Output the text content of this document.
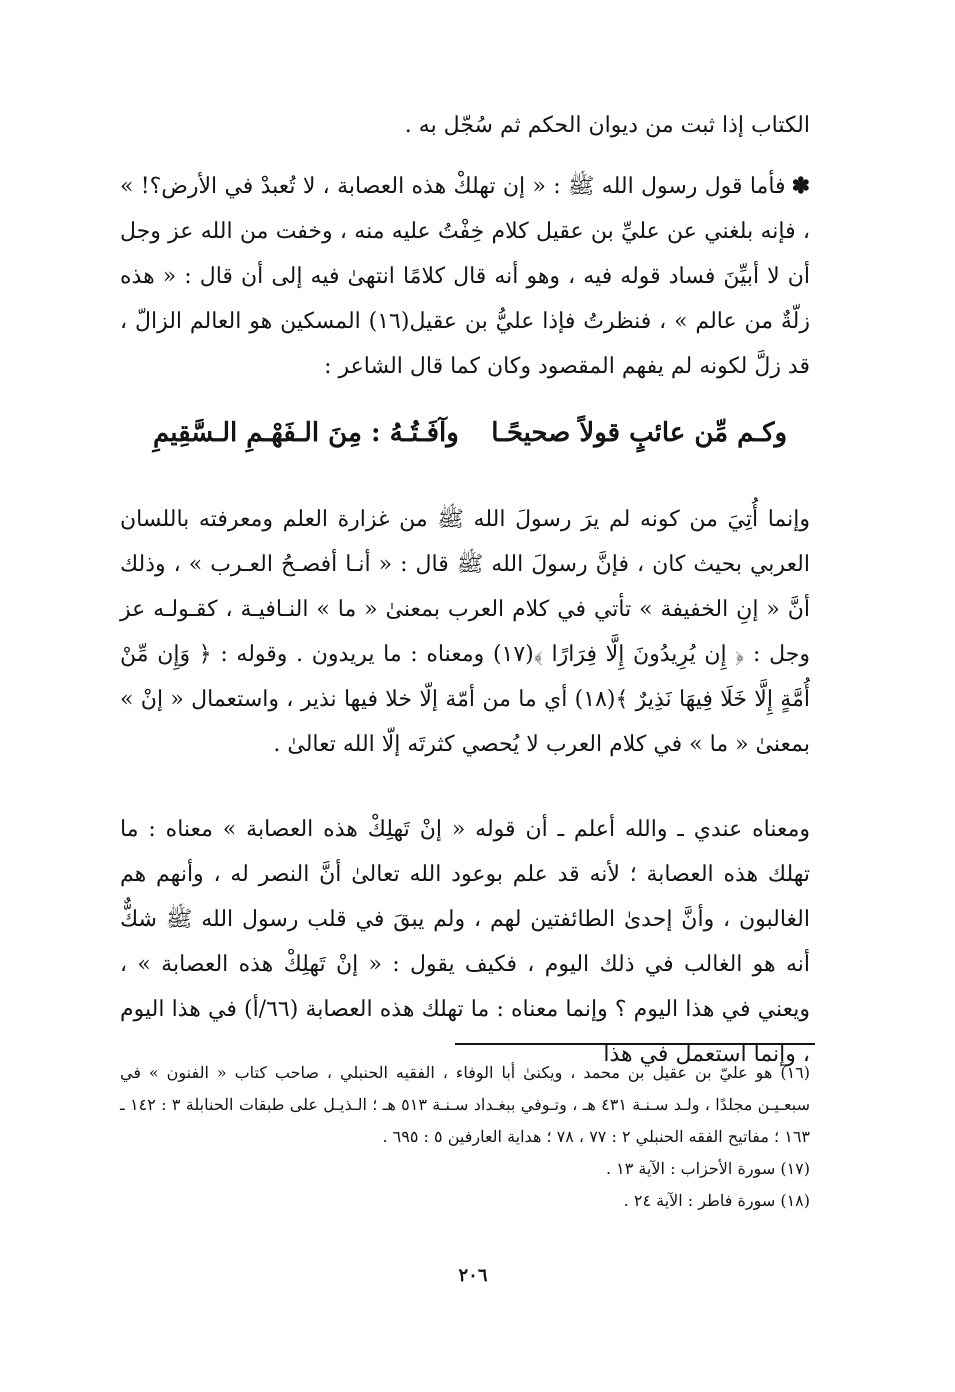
الكتاب إذا ثبت من ديوان الحكم ثم سُجّل به .

✽فأما قول رسول الله ﷺ : « إن تهلكْ هذه العصابة ، لا تُعبدْ في الأرض؟! » ، فإنه بلغني عن عليِّ بن عقيل كلام خِفْتُ عليه منه ، وخفت من الله عز وجل أن لا أبيِّنَ فساد قوله فيه ، وهو أنه قال كلامًا انتهىٰ فيه إلى أن قال : « هذه زلّةٌ من عالم » ، فنظرتُ فإذا عليُّ بن عقيل(١٦) المسكين هو العالم الزالّ ، قد زلَّ لكونه لم يفهم المقصود وكان كما قال الشاعر :

وكـم مِّن عائبٍ قولاً صحيحًـا
وآفَـتُـهُ : مِنَ الـفَهْـمِ الـسَّقِيمِ

وإنما أُتِيَ من كونه لم يرَ رسولَ الله ﷺ من غزارة العلم ومعرفته باللسان العربي بحيث كان ، فإنَّ رسولَ الله ﷺ قال : « أنـا أفصـحُ العـرب » ، وذلك أنَّ « إنِ الخفيفة » تأتي في كلام العرب بمعنىٰ « ما » النـافيـة ، كقـولـه عز وجل : ﴿ إِن يُرِيدُونَ إِلَّا فِرَارًا ﴾(١٧) ومعناه : ما يريدون . وقوله : ﴿ وَإِن مِّنْ أُمَّةٍ إِلَّا خَلَا فِيهَا نَذِيرٌ ﴾(١٨) أي ما من أمّة إلّا خلا فيها نذير ، واستعمال « إنْ » بمعنىٰ « ما » في كلام العرب لا يُحصي كثرتَه إلّا الله تعالىٰ .

ومعناه عندي ـ والله أعلم ـ أن قوله « إنْ تَهلِكْ هذه العصابة » معناه : ما تهلك هذه العصابة ؛ لأنه قد علم بوعود الله تعالىٰ أنَّ النصر له ، وأنهم هم الغالبون ، وأنَّ إحدىٰ الطائفتين لهم ، ولم يبقَ في قلب رسول الله ﷺ شكٌّ أنه هو الغالب في ذلك اليوم ، فكيف يقول : « إنْ تَهلِكْ هذه العصابة » ، ويعني في هذا اليوم ؟ وإنما معناه : ما تهلك هذه العصابة (٦٦/أ) في هذا اليوم ، وإنما استعمل في هذا

(١٦) هو عليّ بن عقيل بن محمد ، ويكنىٰ أبا الوفاء ، الفقيه الحنبلي ، صاحب كتاب « الفنون » في سبعـيـن مجلدًا ، ولـد سـنـة ٤٣١ هـ ، وتـوفي ببغـداد سـنـة ٥١٣ هـ ؛ الـذيـل على طبقات الحنابلة ٣ : ١٤٢ ـ ١٦٣ ؛ مفاتيح الفقه الحنبلي ٢ : ٧٧ ، ٧٨ ؛ هداية العارفين ٥ : ٦٩٥ .

(١٧) سورة الأحزاب : الآية ١٣ .

(١٨) سورة فاطر : الآية ٢٤ .

٢٠٦
